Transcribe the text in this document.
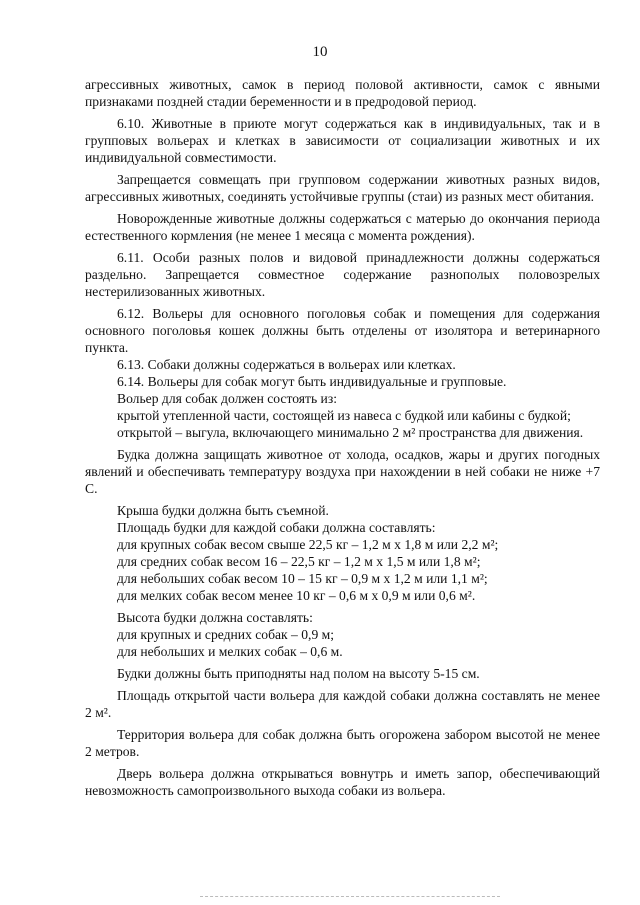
10

агрессивных животных, самок в период половой активности, самок с явными признаками поздней стадии беременности и в предродовой период.

6.10. Животные в приюте могут содержаться как в индивидуальных, так и в групповых вольерах и клетках в зависимости от социализации животных и их индивидуальной совместимости.

Запрещается совмещать при групповом содержании животных разных видов, агрессивных животных, соединять устойчивые группы (стаи) из разных мест обитания.

Новорожденные животные должны содержаться с матерью до окончания периода естественного кормления (не менее 1 месяца с момента рождения).

6.11. Особи разных полов и видовой принадлежности должны содержаться раздельно. Запрещается совместное содержание разнополых половозрелых нестерилизованных животных.

6.12. Вольеры для основного поголовья собак и помещения для содержания основного поголовья кошек должны быть отделены от изолятора и ветеринарного пункта.

6.13. Собаки должны содержаться в вольерах или клетках.

6.14. Вольеры для собак могут быть индивидуальные и групповые.

Вольер для собак должен состоять из:

крытой утепленной части, состоящей из навеса с будкой или кабины с будкой;

открытой – выгула, включающего минимально 2 м² пространства для движения.

Будка должна защищать животное от холода, осадков, жары и других погодных явлений и обеспечивать температуру воздуха при нахождении в ней собаки не ниже +7 С.

Крыша будки должна быть съемной.

Площадь будки для каждой собаки должна составлять:

для крупных собак весом свыше 22,5 кг – 1,2 м х 1,8 м или 2,2 м²;

для средних собак весом 16 – 22,5 кг – 1,2 м х 1,5 м или 1,8 м²;

для небольших собак весом 10 – 15 кг – 0,9 м х 1,2 м или 1,1 м²;

для мелких собак весом менее 10 кг – 0,6 м х 0,9 м или 0,6 м².

Высота будки должна составлять:

для крупных и средних собак – 0,9 м;

для небольших и мелких собак – 0,6 м.

Будки должны быть приподняты над полом на высоту 5-15 см.

Площадь открытой части вольера для каждой собаки должна составлять не менее 2 м².

Территория вольера для собак должна быть огорожена забором высотой не менее 2 метров.

Дверь вольера должна открываться вовнутрь и иметь запор, обеспечивающий невозможность самопроизвольного выхода собаки из вольера.
